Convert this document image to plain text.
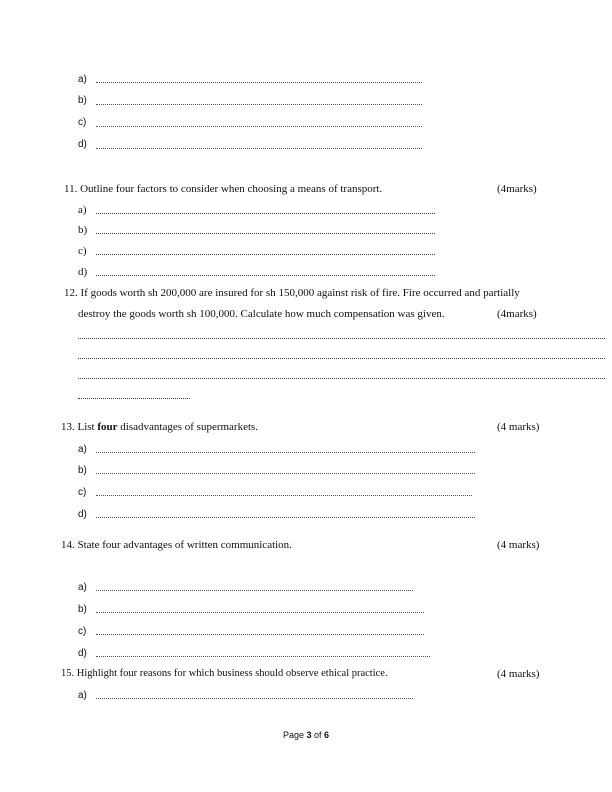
a)
b)
c)
d)
11. Outline four factors to consider when choosing a means of transport.	(4marks)
a)
b)
c)
d)
12. If goods worth sh 200,000 are insured for sh 150,000 against risk of fire. Fire occurred and partially
destroy the goods worth sh 100,000. Calculate how much compensation was given.	(4marks)
13. List four disadvantages of supermarkets.	(4 marks)
a)
b)
c)
d)
14. State four advantages of written communication.	(4 marks)
a)
b)
c)
d)
15. Highlight four reasons for which business should observe ethical practice.	(4 marks)
a)
Page 3 of 6
